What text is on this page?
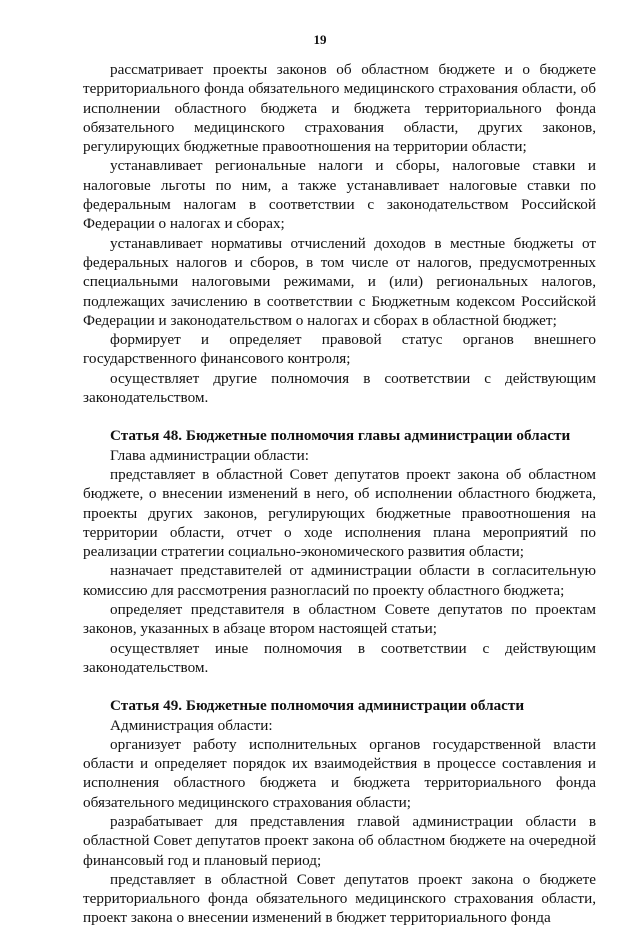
19

рассматривает проекты законов об областном бюджете и о бюджете территориального фонда обязательного медицинского страхования области, об исполнении областного бюджета и бюджета территориального фонда обязательного медицинского страхования области, других законов, регулирующих бюджетные правоотношения на территории области;

устанавливает региональные налоги и сборы, налоговые ставки и налоговые льготы по ним, а также устанавливает налоговые ставки по федеральным налогам в соответствии с законодательством Российской Федерации о налогах и сборах;

устанавливает нормативы отчислений доходов в местные бюджеты от федеральных налогов и сборов, в том числе от налогов, предусмотренных специальными налоговыми режимами, и (или) региональных налогов, подлежащих зачислению в соответствии с Бюджетным кодексом Российской Федерации и законодательством о налогах и сборах в областной бюджет;

формирует и определяет правовой статус органов внешнего государственного финансового контроля;

осуществляет другие полномочия в соответствии с действующим законодательством.

Статья 48. Бюджетные полномочия главы администрации области

Глава администрации области:

представляет в областной Совет депутатов проект закона об областном бюджете, о внесении изменений в него, об исполнении областного бюджета, проекты других законов, регулирующих бюджетные правоотношения на территории области, отчет о ходе исполнения плана мероприятий по реализации стратегии социально-экономического развития области;

назначает представителей от администрации области в согласительную комиссию для рассмотрения разногласий по проекту областного бюджета;

определяет представителя в областном Совете депутатов по проектам законов, указанных в абзаце втором настоящей статьи;

осуществляет иные полномочия в соответствии с действующим законодательством.

Статья 49. Бюджетные полномочия администрации области

Администрация области:

организует работу исполнительных органов государственной власти области и определяет порядок их взаимодействия в процессе составления и исполнения областного бюджета и бюджета территориального фонда обязательного медицинского страхования области;

разрабатывает для представления главой администрации области в областной Совет депутатов проект закона об областном бюджете на очередной финансовый год и плановый период;

представляет в областной Совет депутатов проект закона о бюджете территориального фонда обязательного медицинского страхования области, проект закона о внесении изменений в бюджет территориального фонда
